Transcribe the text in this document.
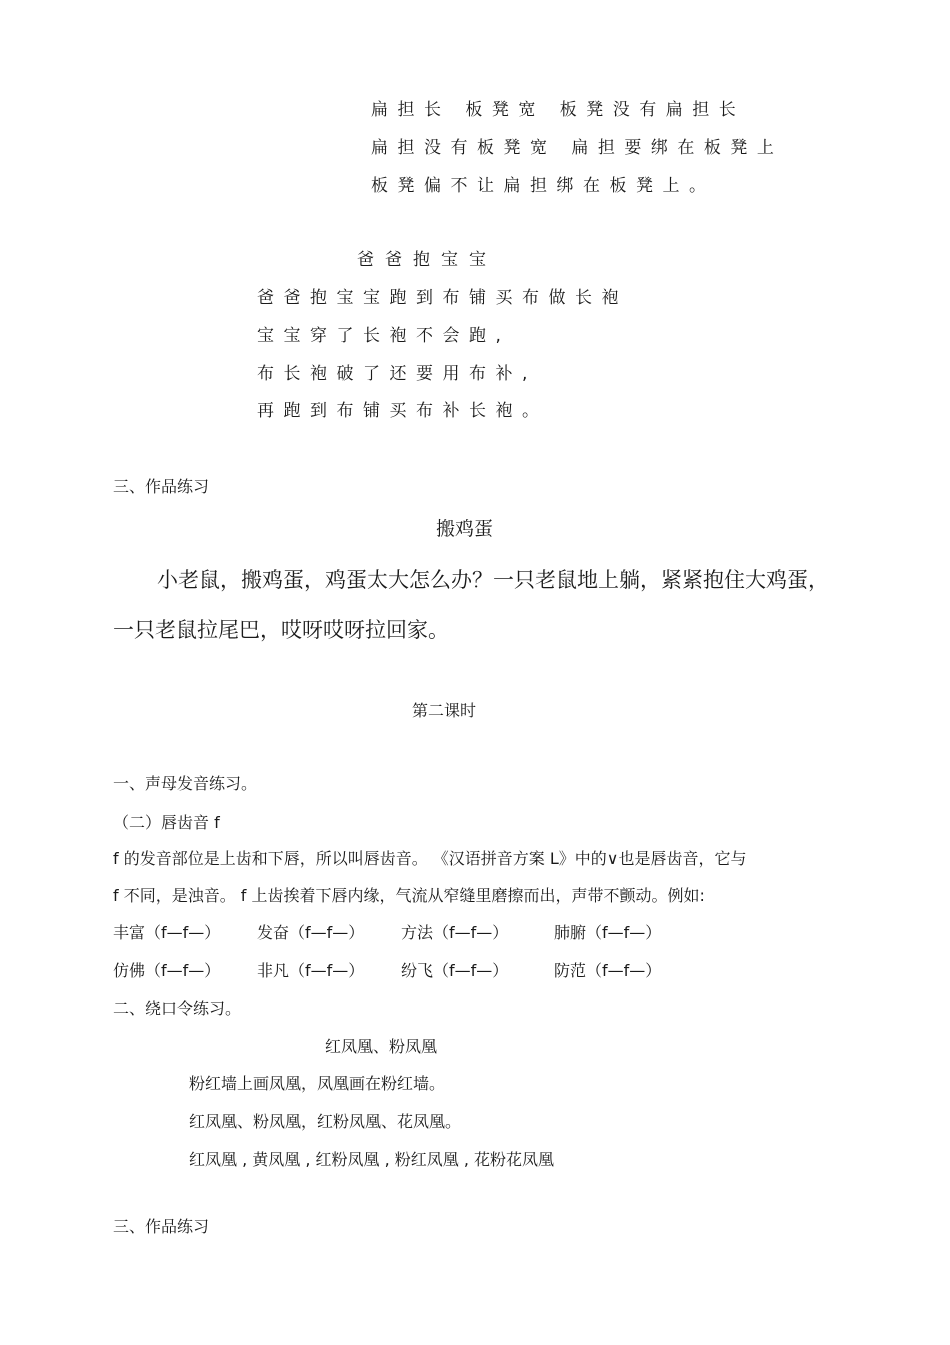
扁担长 板凳宽 板凳没有扁担长
扁担没有板凳宽 扁担要绑在板凳上
板凳偏不让扁担绑在板凳上。
爸爸抱宝宝
爸爸抱宝宝跑到布铺买布做长袍
宝宝穿了长袍不会跑,
布长袍破了还要用布补,
再跑到布铺买布补长袍。
三、作品练习
搬鸡蛋
小老鼠，搬鸡蛋，鸡蛋太大怎么办？一只老鼠地上躺，紧紧抱住大鸡蛋，
一只老鼠拉尾巴，哎呀哎呀拉回家。
第二课时
一、声母发音练习。
（二）唇齿音 f
f 的发音部位是上齿和下唇，所以叫唇齿音。 《汉语拼音方案 L》中的∨也是唇齿音，它与
f 不同，是浊音。 f 上齿挨着下唇内缘，气流从窄缝里磨擦而出，声带不颤动。例如:
丰富（f—f—） 发奋（f—f—） 方法（f—f—）	肺腑（f—f—）
仿佛（f—f—） 非凡（f—f—） 纷飞（f—f—）	防范（f—f—）
二、绕口令练习。
红凤凰、粉凤凰
粉红墙上画凤凰，凤凰画在粉红墙。
红凤凰、粉凤凰，红粉凤凰、花凤凰。
红凤凰 , 黄凤凰 , 红粉凤凰 , 粉红凤凰 , 花粉花凤凰
三、作品练习
